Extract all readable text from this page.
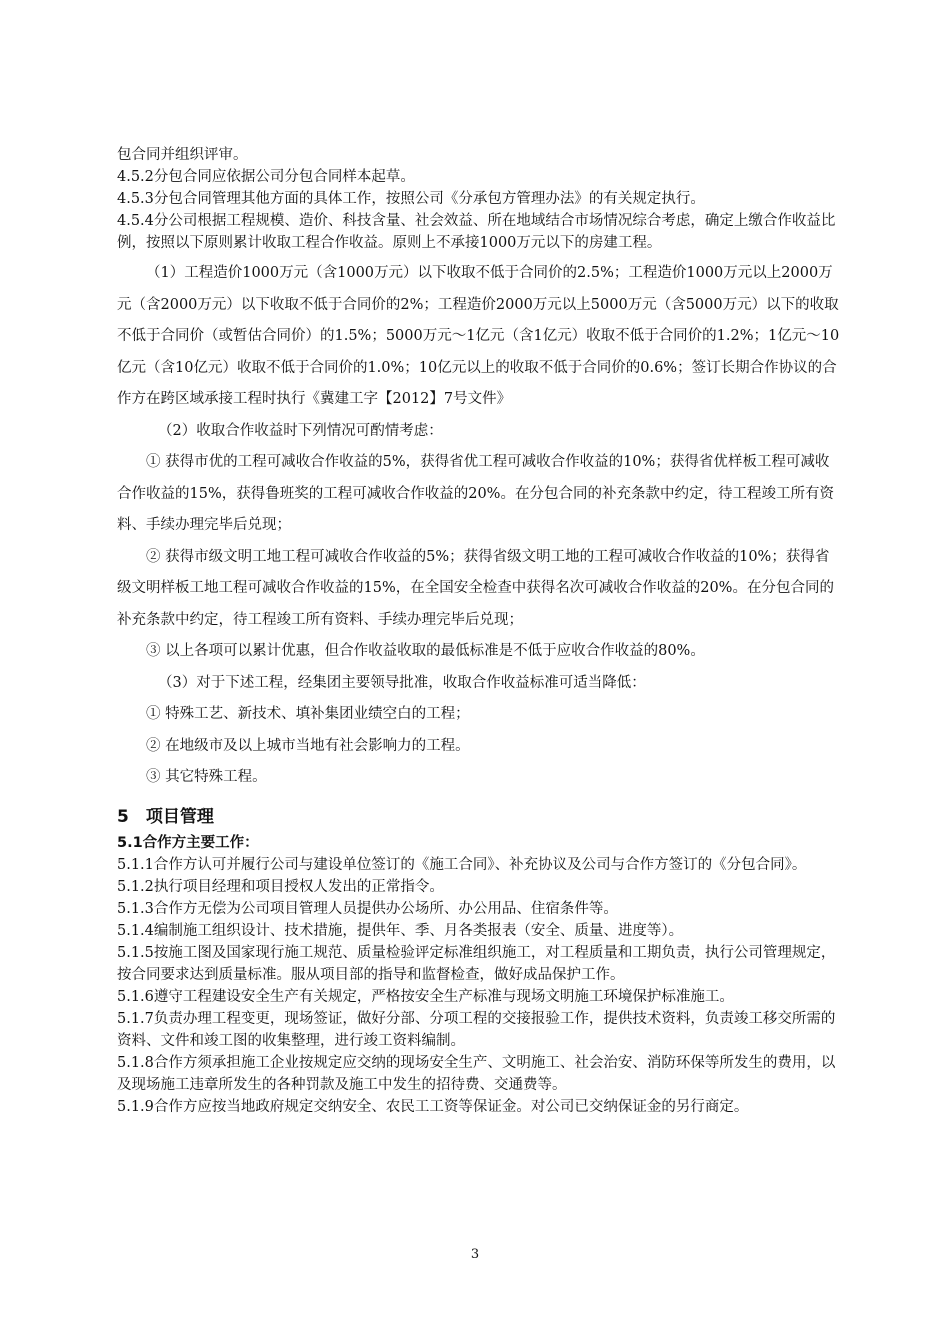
包合同并组织评审。

4.5.2分包合同应依据公司分包合同样本起草。

4.5.3分包合同管理其他方面的具体工作，按照公司《分承包方管理办法》的有关规定执行。

4.5.4分公司根据工程规模、造价、科技含量、社会效益、所在地域结合市场情况综合考虑，确定上缴合作收益比例，按照以下原则累计收取工程合作收益。原则上不承接1000万元以下的房建工程。

（1）工程造价1000万元（含1000万元）以下收取不低于合同价的2.5%；工程造价1000万元以上2000万元（含2000万元）以下收取不低于合同价的2%；工程造价2000万元以上5000万元（含5000万元）以下的收取不低于合同价（或暂估合同价）的1.5%；5000万元～1亿元（含1亿元）收取不低于合同价的1.2%；1亿元～10亿元（含10亿元）收取不低于合同价的1.0%；10亿元以上的收取不低于合同价的0.6%；签订长期合作协议的合作方在跨区域承接工程时执行《冀建工字【2012】7号文件》

（2）收取合作收益时下列情况可酌情考虑：

① 获得市优的工程可减收合作收益的5%，获得省优工程可减收合作收益的10%；获得省优样板工程可减收合作收益的15%，获得鲁班奖的工程可减收合作收益的20%。在分包合同的补充条款中约定，待工程竣工所有资料、手续办理完毕后兑现；

② 获得市级文明工地工程可减收合作收益的5%；获得省级文明工地的工程可减收合作收益的10%；获得省级文明样板工地工程可减收合作收益的15%，在全国安全检查中获得名次可减收合作收益的20%。在分包合同的补充条款中约定，待工程竣工所有资料、手续办理完毕后兑现；

③ 以上各项可以累计优惠，但合作收益收取的最低标准是不低于应收合作收益的80%。

（3）对于下述工程，经集团主要领导批准，收取合作收益标准可适当降低：

① 特殊工艺、新技术、填补集团业绩空白的工程；

② 在地级市及以上城市当地有社会影响力的工程。

③ 其它特殊工程。

5　项目管理
5.1合作方主要工作：

5.1.1合作方认可并履行公司与建设单位签订的《施工合同》、补充协议及公司与合作方签订的《分包合同》。

5.1.2执行项目经理和项目授权人发出的正常指令。

5.1.3合作方无偿为公司项目管理人员提供办公场所、办公用品、住宿条件等。

5.1.4编制施工组织设计、技术措施，提供年、季、月各类报表（安全、质量、进度等）。

5.1.5按施工图及国家现行施工规范、质量检验评定标准组织施工，对工程质量和工期负责，执行公司管理规定，按合同要求达到质量标准。服从项目部的指导和监督检查，做好成品保护工作。

5.1.6遵守工程建设安全生产有关规定，严格按安全生产标准与现场文明施工环境保护标准施工。

5.1.7负责办理工程变更，现场签证，做好分部、分项工程的交接报验工作，提供技术资料，负责竣工移交所需的资料、文件和竣工图的收集整理，进行竣工资料编制。

5.1.8合作方须承担施工企业按规定应交纳的现场安全生产、文明施工、社会治安、消防环保等所发生的费用，以及现场施工违章所发生的各种罚款及施工中发生的招待费、交通费等。

5.1.9合作方应按当地政府规定交纳安全、农民工工资等保证金。对公司已交纳保证金的另行商定。

3
